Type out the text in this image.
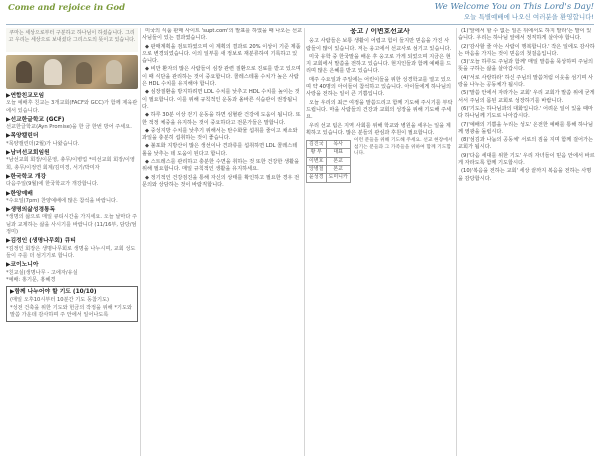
Come and rejoice in God	We Welcome You on This Lord's Day!
오늘 특별예배에 나오신 여러분을 환영합니다!
쿠마는 세상으로부터 구분하고 하나님이 하셨습니다. 그리고 우리는 세상으로 보내셨다 그리스도의 뜻이고 있습니다.
▶연합친교모임
오늘 예배후 친교는 3개교회(FACF와 GCC)가 함께 제육관에서 있습니다.
▶선교한글학교 (GCF)
선교한글학교(Ayn Promise)을 한 금 한번 방어 주세요.
▶목양캘린더
*목양캘린더(2월)가 나왔습니다.
▶남녀선교회임원
*남선교회 회장/이문영, 총무/이병업 *여선교회 회장/이영희, 총무/이정연 회계/김미경, 서기/박미자
▶한국학교 개강
다음주일(9월)에 한국학교가 개강합니다.
▶한앙예배
*수요일(7pm) 찬양예배에 많은 참석을 바랍니다.
▶생명의삶성경통독
*생명의 삶으로 매일 큐티시간을 가지세요. 오늘 날마다 주님과 교제하는 삶을 사시기를 바랍니다 (11/16부, 담당/엄정미)
▶김정인 (생명나무회) 큐티
*김정인 회장은 생명나무회로 생명을 나누시며, 교회 성도들이 주를 더 섬기기로 합니다.
▶코이노니아
*친교실(생명나무 - 고에자/유실
*예배: 홍기문, 홍혜경
▶함께 나누어야 할 기도 (10/10)
(매일 오후10시부터 10분간 기도 동참기도)
*성전 건축을 위한 기도와 헌금의 작정을 위해 *기도와 말씀 가운데 감사하며 주 안에서 일어나도록
미국의 식품 판매 사이트 'supt.com'의 발표를 하였을 때 나오는 선교사님들이 있는 결과였습니다.
◆ 판매계획을 검토하였으며 이 계획의 결과로 20% 이상이 기준 제품으로 변경되었습니다. 이의 일부를 새 정보로 재분류하여 기록하고 있습니다.
◆ 비만 환자의 많은 사람들이 심장 관련 질환으로 진료를 받고 있으며 이 때 식단을 관리하는 것이 중요합니다. 콜레스테롤 수치가 높은 사람은 HDL 수치를 유지해야 합니다.
◆ 심장질환을 방지하려면 LDL 수치를 낮추고 HDL 수치를 높이는 것이 필요합니다. 이를 위해 규칙적인 운동과 올바른 식습관이 권장됩니다.
◆ 하루 30분 이상 걷기 운동을 하면 심혈관 건강에 도움이 됩니다. 또한 적정 체중을 유지하는 것이 중요하다고 전문가들은 말합니다.
◆ 중성지방 수치를 낮추기 위해서는 탄수화물 섭취를 줄이고 채소와 과일을 충분히 섭취하는 것이 좋습니다.
◆ 불포화 지방산이 많은 생선이나 견과류를 섭취하면 LDL 콜레스테롤을 낮추는 데 도움이 된다고 합니다.
◆ 스트레스를 관리하고 충분한 수면을 취하는 것 또한 건강한 생활을 위해 필요합니다. 매일 규칙적인 생활을 유지하세요.
◆ 정기적인 건강검진을 통해 자신의 상태를 확인하고 필요한 경우 전문의와 상담하는 것이 바람직합니다.
웅고 / 이변호선교사
웅고 사람들은 보통 생활이 어렵고 힘이 들지만 믿음을 가진 사람들이 많이 있습니다. 저는 웅고에서 선교사로 섬기고 있습니다.
미국 유학 중 한국말을 배운 후 웅고로 가게 되었으며 지금은 현지 교회에서 말씀을 전하고 있습니다. 현지인들과 함께 예배를 드리며 많은 은혜를 받고 있습니다.
매주 수요일과 주일에는 어린이들을 위한 성경학교를 열고 있으며 약 40명의 아이들이 참석하고 있습니다. 아이들에게 하나님의 사랑을 전하는 일이 큰 기쁨입니다.
오늘 우리의 최근 여정을 말씀드리고 함께 기도해 주시기를 부탁드립니다. 마을 사람들의 건강과 교회의 성장을 위해 기도해 주세요.
우리 선교 팀은 지역 사회를 위해 학교와 병원을 세우는 일을 계획하고 있습니다. 많은 분들의 관심과 후원이 필요합니다.
김진국	목사
황 부	대표
이변호	본교
앙병철	본교
윤성경	도미니카
이런 분들을 위해 기도해 주세요. 선교 현장에서 섬기는 분들과 그 가족들을 위하여 함께 기도합니다.
(1)'앞에서 할 수 없는 일은 뒤에서도 하지 말라'는 말이 있습니다. 우리는 하나님 앞에서 정직하게 살아야 합니다.
(2)'감사할 줄 아는 사람이 행복합니다.' 작은 일에도 감사하는 마음을 가지는 것이 믿음의 첫걸음입니다.
(3)'오늘 하루도 주님과 함께' 매일 말씀을 묵상하며 주님의 뜻을 구하는 삶을 살아갑시다.
(4)'서로 사랑하라' 하신 주님의 말씀처럼 이웃을 섬기며 사랑을 나누는 공동체가 됩시다.
(5)'말씀 안에서 자라가는 교회' 우리 교회가 말씀 위에 굳게 서서 주님의 몸된 교회로 성장하기를 바랍니다.
(6)'기도는 하나님과의 대화입니다.' 어려운 일이 있을 때마다 하나님께 기도로 나아갑시다.
(7)'예배의 기쁨을 누리는 성도' 온전한 예배를 통해 하나님께 영광을 돌립시다.
(8)'섬김과 나눔의 공동체' 서로의 짐을 지며 함께 걸어가는 교회가 됩시다.
(9)'다음 세대를 위한 기도' 우리 자녀들이 믿음 안에서 바르게 자라도록 함께 기도합시다.
(10)'복음을 전하는 교회' 세상 끝까지 복음을 전하는 사명을 감당합시다.
